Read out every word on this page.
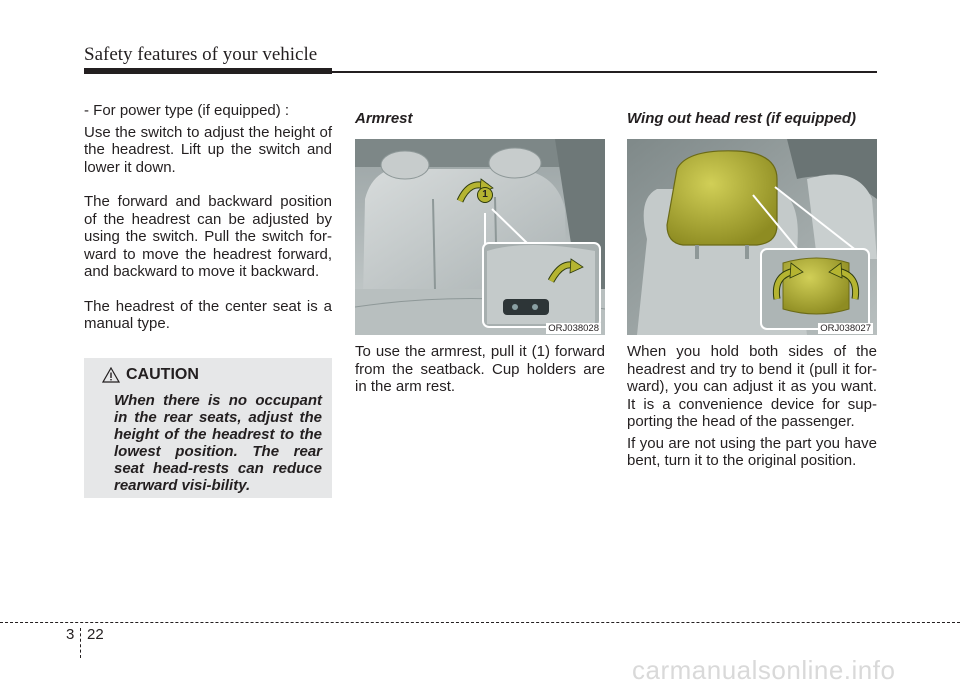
Safety features of your vehicle

- For power type (if equipped) :

Use the switch to adjust the height of the headrest. Lift up the switch and lower it down.

The forward and backward position of the headrest can be adjusted by using the switch. Pull the switch for-ward to move the headrest forward, and backward to move it backward.

The headrest of the center seat is a manual type.

CAUTION

When there is no occupant in the rear seats, adjust the height of the headrest to the lowest position. The rear seat head-rests can reduce rearward visi-bility.

Armrest
1
ORJ038028

To use the armrest, pull it (1) forward from the seatback. Cup holders are in the arm rest.

Wing out head rest (if equipped)
ORJ038027

When you hold both sides of the headrest and try to bend it (pull it for-ward), you can adjust it as you want. It is a convenience device for sup-porting the head of the passenger.

If you are not using the part you have bent, turn it to the original position.

3 22
carmanualsonline.info
